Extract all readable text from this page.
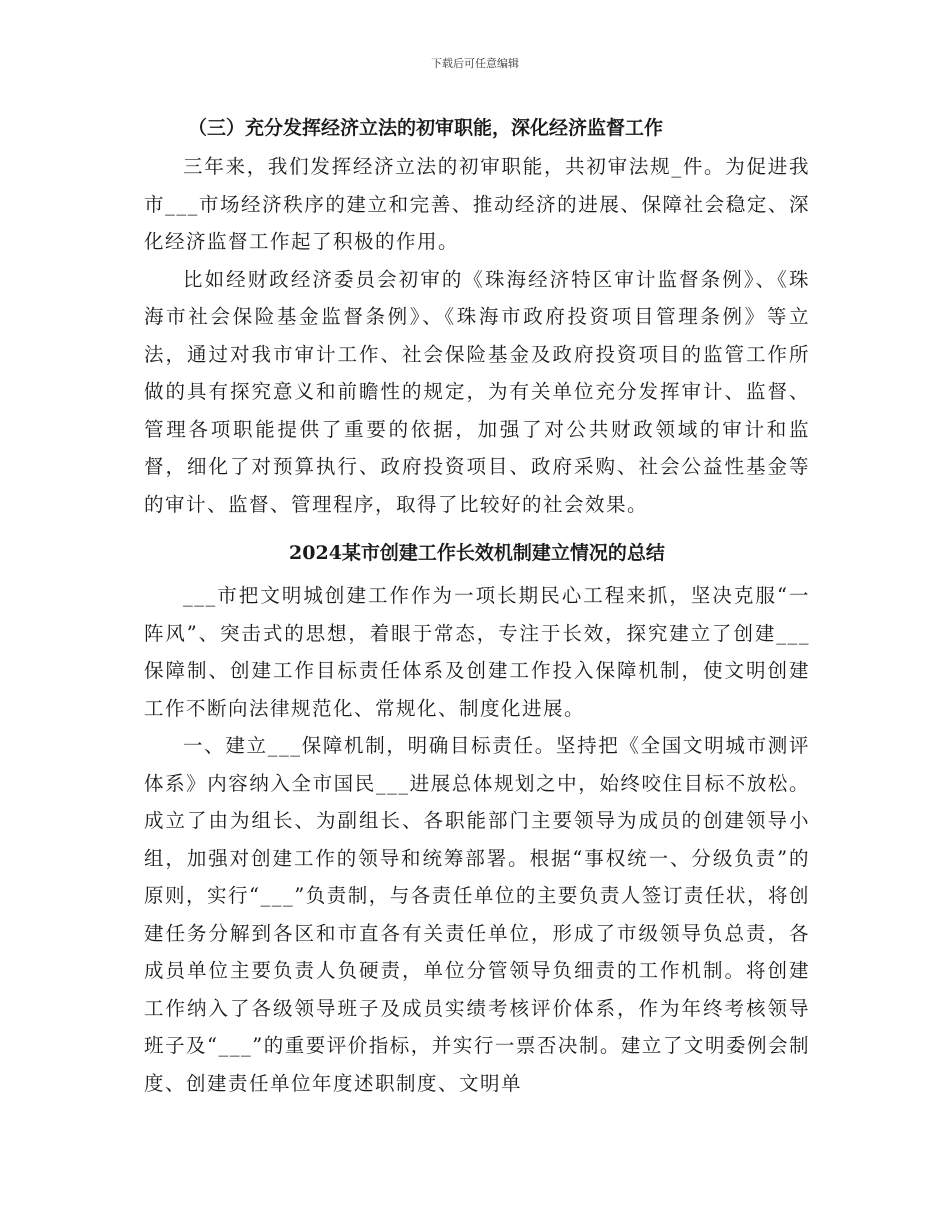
下载后可任意编辑
（三）充分发挥经济立法的初审职能，深化经济监督工作

三年来，我们发挥经济立法的初审职能，共初审法规_件。为促进我市___市场经济秩序的建立和完善、推动经济的进展、保障社会稳定、深化经济监督工作起了积极的作用。

比如经财政经济委员会初审的《珠海经济特区审计监督条例》、《珠海市社会保险基金监督条例》、《珠海市政府投资项目管理条例》等立法，通过对我市审计工作、社会保险基金及政府投资项目的监管工作所做的具有探究意义和前瞻性的规定，为有关单位充分发挥审计、监督、管理各项职能提供了重要的依据，加强了对公共财政领域的审计和监督，细化了对预算执行、政府投资项目、政府采购、社会公益性基金等的审计、监督、管理程序，取得了比较好的社会效果。

2024某市创建工作长效机制建立情况的总结

___市把文明城创建工作作为一项长期民心工程来抓，坚决克服“一阵风”、突击式的思想，着眼于常态，专注于长效，探究建立了创建___保障制、创建工作目标责任体系及创建工作投入保障机制，使文明创建工作不断向法律规范化、常规化、制度化进展。

一、建立___保障机制，明确目标责任。坚持把《全国文明城市测评体系》内容纳入全市国民___进展总体规划之中，始终咬住目标不放松。成立了由为组长、为副组长、各职能部门主要领导为成员的创建领导小组，加强对创建工作的领导和统筹部署。根据“事权统一、分级负责”的原则，实行“___”负责制，与各责任单位的主要负责人签订责任状，将创建任务分解到各区和市直各有关责任单位，形成了市级领导负总责，各成员单位主要负责人负硬责，单位分管领导负细责的工作机制。将创建工作纳入了各级领导班子及成员实绩考核评价体系，作为年终考核领导班子及“___”的重要评价指标，并实行一票否决制。建立了文明委例会制度、创建责任单位年度述职制度、文明单
